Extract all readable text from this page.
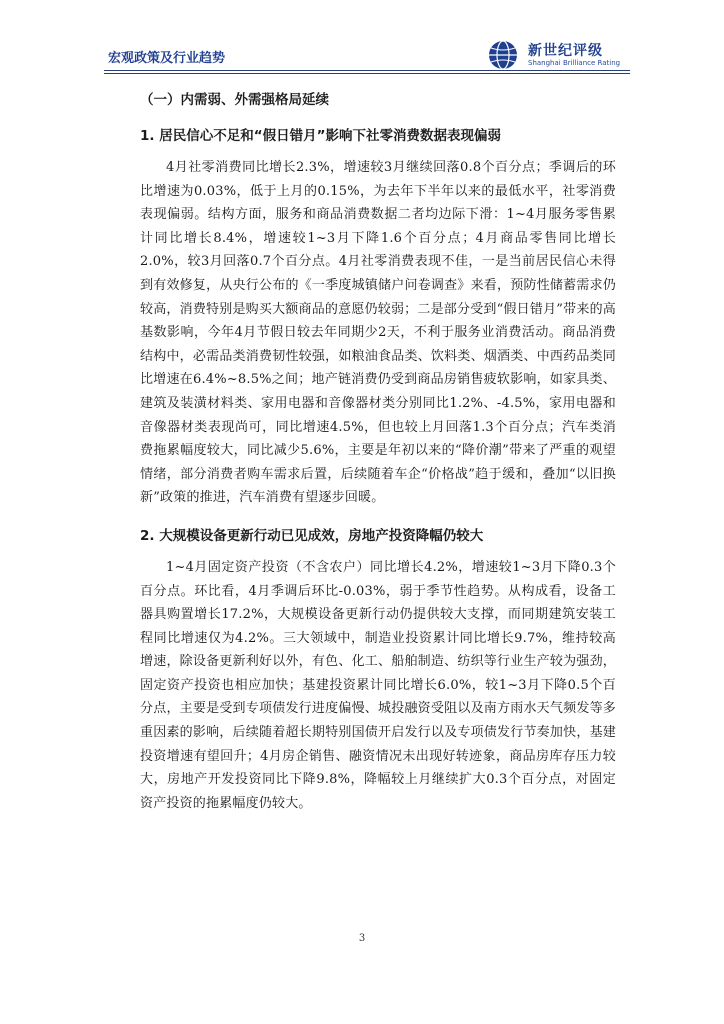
宏观政策及行业趋势	新世纪评级
Shanghai Brilliance Rating
（一）内需弱、外需强格局延续
1. 居民信心不足和“假日错月”影响下社零消费数据表现偏弱

4月社零消费同比增长2.3%，增速较3月继续回落0.8个百分点；季调后的环比增速为0.03%，低于上月的0.15%，为去年下半年以来的最低水平，社零消费表现偏弱。结构方面，服务和商品消费数据二者均边际下滑：1~4月服务零售累计同比增长8.4%，增速较1~3月下降1.6个百分点；4月商品零售同比增长2.0%，较3月回落0.7个百分点。4月社零消费表现不佳，一是当前居民信心未得到有效修复，从央行公布的《一季度城镇储户问卷调查》来看，预防性储蓄需求仍较高，消费特别是购买大额商品的意愿仍较弱；二是部分受到“假日错月”带来的高基数影响，今年4月节假日较去年同期少2天，不利于服务业消费活动。商品消费结构中，必需品类消费韧性较强，如粮油食品类、饮料类、烟酒类、中西药品类同比增速在6.4%~8.5%之间；地产链消费仍受到商品房销售疲软影响，如家具类、建筑及装潢材料类、家用电器和音像器材类分别同比1.2%、-4.5%，家用电器和音像器材类表现尚可，同比增速4.5%，但也较上月回落1.3个百分点；汽车类消费拖累幅度较大，同比减少5.6%，主要是年初以来的“降价潮”带来了严重的观望情绪，部分消费者购车需求后置，后续随着车企“价格战”趋于缓和，叠加“以旧换新”政策的推进，汽车消费有望逐步回暖。

2. 大规模设备更新行动已见成效，房地产投资降幅仍较大

1~4月固定资产投资（不含农户）同比增长4.2%，增速较1~3月下降0.3个百分点。环比看，4月季调后环比-0.03%，弱于季节性趋势。从构成看，设备工器具购置增长17.2%，大规模设备更新行动仍提供较大支撑，而同期建筑安装工程同比增速仅为4.2%。三大领域中，制造业投资累计同比增长9.7%，维持较高增速，除设备更新利好以外，有色、化工、船舶制造、纺织等行业生产较为强劲，固定资产投资也相应加快；基建投资累计同比增长6.0%，较1~3月下降0.5个百分点，主要是受到专项债发行进度偏慢、城投融资受阻以及南方雨水天气频发等多重因素的影响，后续随着超长期特别国债开启发行以及专项债发行节奏加快，基建投资增速有望回升；4月房企销售、融资情况未出现好转迹象，商品房库存压力较大，房地产开发投资同比下降9.8%，降幅较上月继续扩大0.3个百分点，对固定资产投资的拖累幅度仍较大。

3
